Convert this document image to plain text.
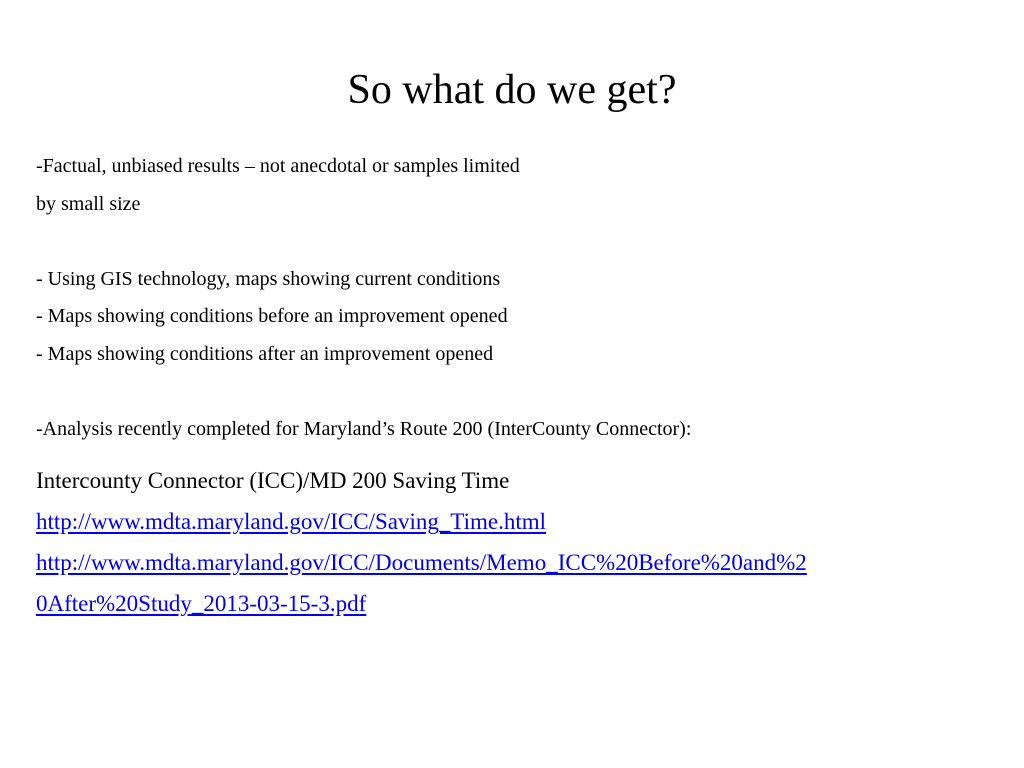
So what do we get?
-Factual, unbiased results – not anecdotal or samples limited
by small size
- Using GIS technology, maps showing current conditions
- Maps showing conditions before an improvement opened
- Maps showing conditions after an improvement opened
-Analysis recently completed for Maryland’s Route 200 (InterCounty Connector):
Intercounty Connector (ICC)/MD 200 Saving Time
http://www.mdta.maryland.gov/ICC/Saving_Time.html
http://www.mdta.maryland.gov/ICC/Documents/Memo_ICC%20Before%20and%2
0After%20Study_2013-03-15-3.pdf
